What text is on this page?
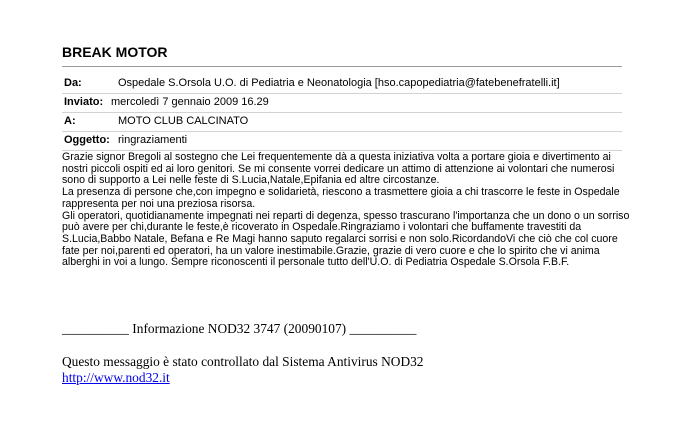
BREAK MOTOR
Da:	Ospedale S.Orsola U.O. di Pediatria e Neonatologia [hso.capopediatria@fatebenefratelli.it]
Inviato: mercoledì 7 gennaio 2009 16.29
A:	MOTO CLUB CALCINATO
Oggetto: ringraziamenti

Grazie signor Bregoli al sostegno che Lei frequentemente dà a questa iniziativa volta a portare gioia e divertimento ai nostri piccoli ospiti ed ai loro genitori. Se mi consente vorrei dedicare un attimo di attenzione ai volontari che numerosi sono di supporto a Lei nelle feste di S.Lucia,Natale,Epifania ed altre circostanze.

La presenza di persone che,con impegno e solidarietà, riescono a trasmettere gioia a chi trascorre le feste in Ospedale rappresenta per noi una preziosa risorsa.

Gli operatori, quotidianamente impegnati nei reparti di degenza, spesso trascurano l'importanza che un dono o un sorriso può avere per chi,durante le feste,è ricoverato in Ospedale.Ringraziamo i volontari che buffamente travestiti da S.Lucia,Babbo Natale, Befana e Re Magi hanno saputo regalarci sorrisi e non solo.RicordandoVi che ciò che col cuore fate per noi,parenti ed operatori, ha un valore inestimabile.Grazie, grazie di vero cuore e che lo spirito che vi anima alberghi in voi a lungo. Sempre riconoscenti il personale tutto dell'U.O. di Pediatria Ospedale S.Orsola F.B.F.

__________ Informazione NOD32 3747 (20090107) __________
Questo messaggio è stato controllato dal Sistema Antivirus NOD32
http://www.nod32.it
